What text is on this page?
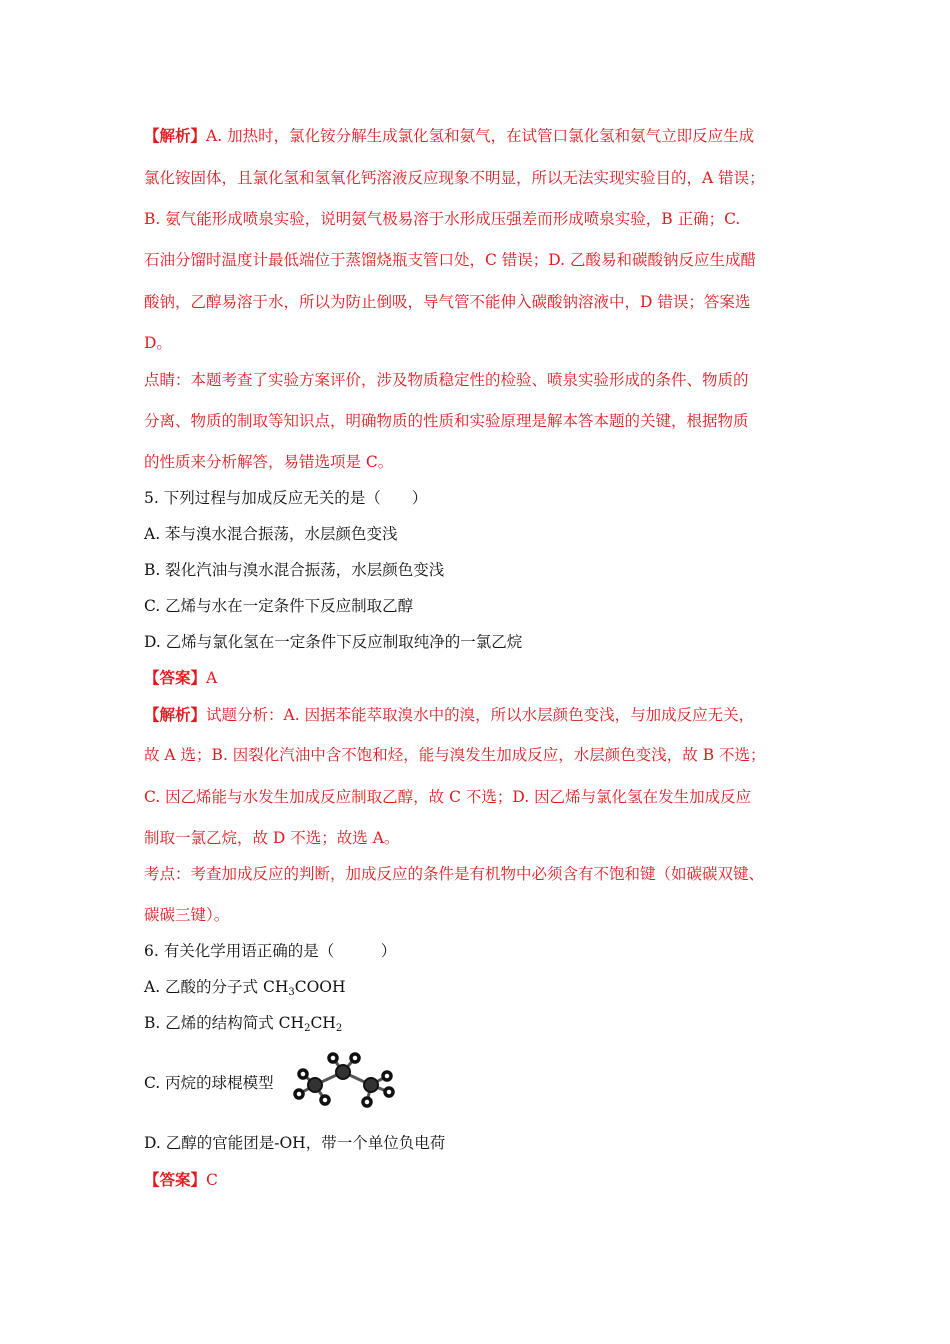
【解析】A. 加热时，氯化铵分解生成氯化氢和氨气，在试管口氯化氢和氨气立即反应生成
氯化铵固体，且氯化氢和氢氧化钙溶液反应现象不明显，所以无法实现实验目的，A 错误；
B. 氨气能形成喷泉实验，说明氨气极易溶于水形成压强差而形成喷泉实验，B 正确；C.
石油分馏时温度计最低端位于蒸馏烧瓶支管口处，C 错误；D. 乙酸易和碳酸钠反应生成醋
酸钠，乙醇易溶于水，所以为防止倒吸，导气管不能伸入碳酸钠溶液中，D 错误；答案选
D。
点睛：本题考查了实验方案评价，涉及物质稳定性的检验、喷泉实验形成的条件、物质的
分离、物质的制取等知识点，明确物质的性质和实验原理是解本答本题的关键，根据物质
的性质来分析解答，易错选项是 C。
5. 下列过程与加成反应无关的是（　　）
A. 苯与溴水混合振荡，水层颜色变浅
B. 裂化汽油与溴水混合振荡，水层颜色变浅
C. 乙烯与水在一定条件下反应制取乙醇
D. 乙烯与氯化氢在一定条件下反应制取纯净的一氯乙烷
【答案】A
【解析】试题分析：A. 因据苯能萃取溴水中的溴，所以水层颜色变浅，与加成反应无关，
故 A 选；B. 因裂化汽油中含不饱和烃，能与溴发生加成反应，水层颜色变浅，故 B 不选；
C. 因乙烯能与水发生加成反应制取乙醇，故 C 不选；D. 因乙烯与氯化氢在发生加成反应
制取一氯乙烷，故 D 不选；故选 A。
考点：考查加成反应的判断，加成反应的条件是有机物中必须含有不饱和键（如碳碳双键、
碳碳三键）。
6. 有关化学用语正确的是（　　　）
A. 乙酸的分子式 $CH_3COOH$
B. 乙烯的结构简式 $CH_2CH_2$
C. 丙烷的球棍模型
D. 乙醇的官能团是-OH，带一个单位负电荷
【答案】C
